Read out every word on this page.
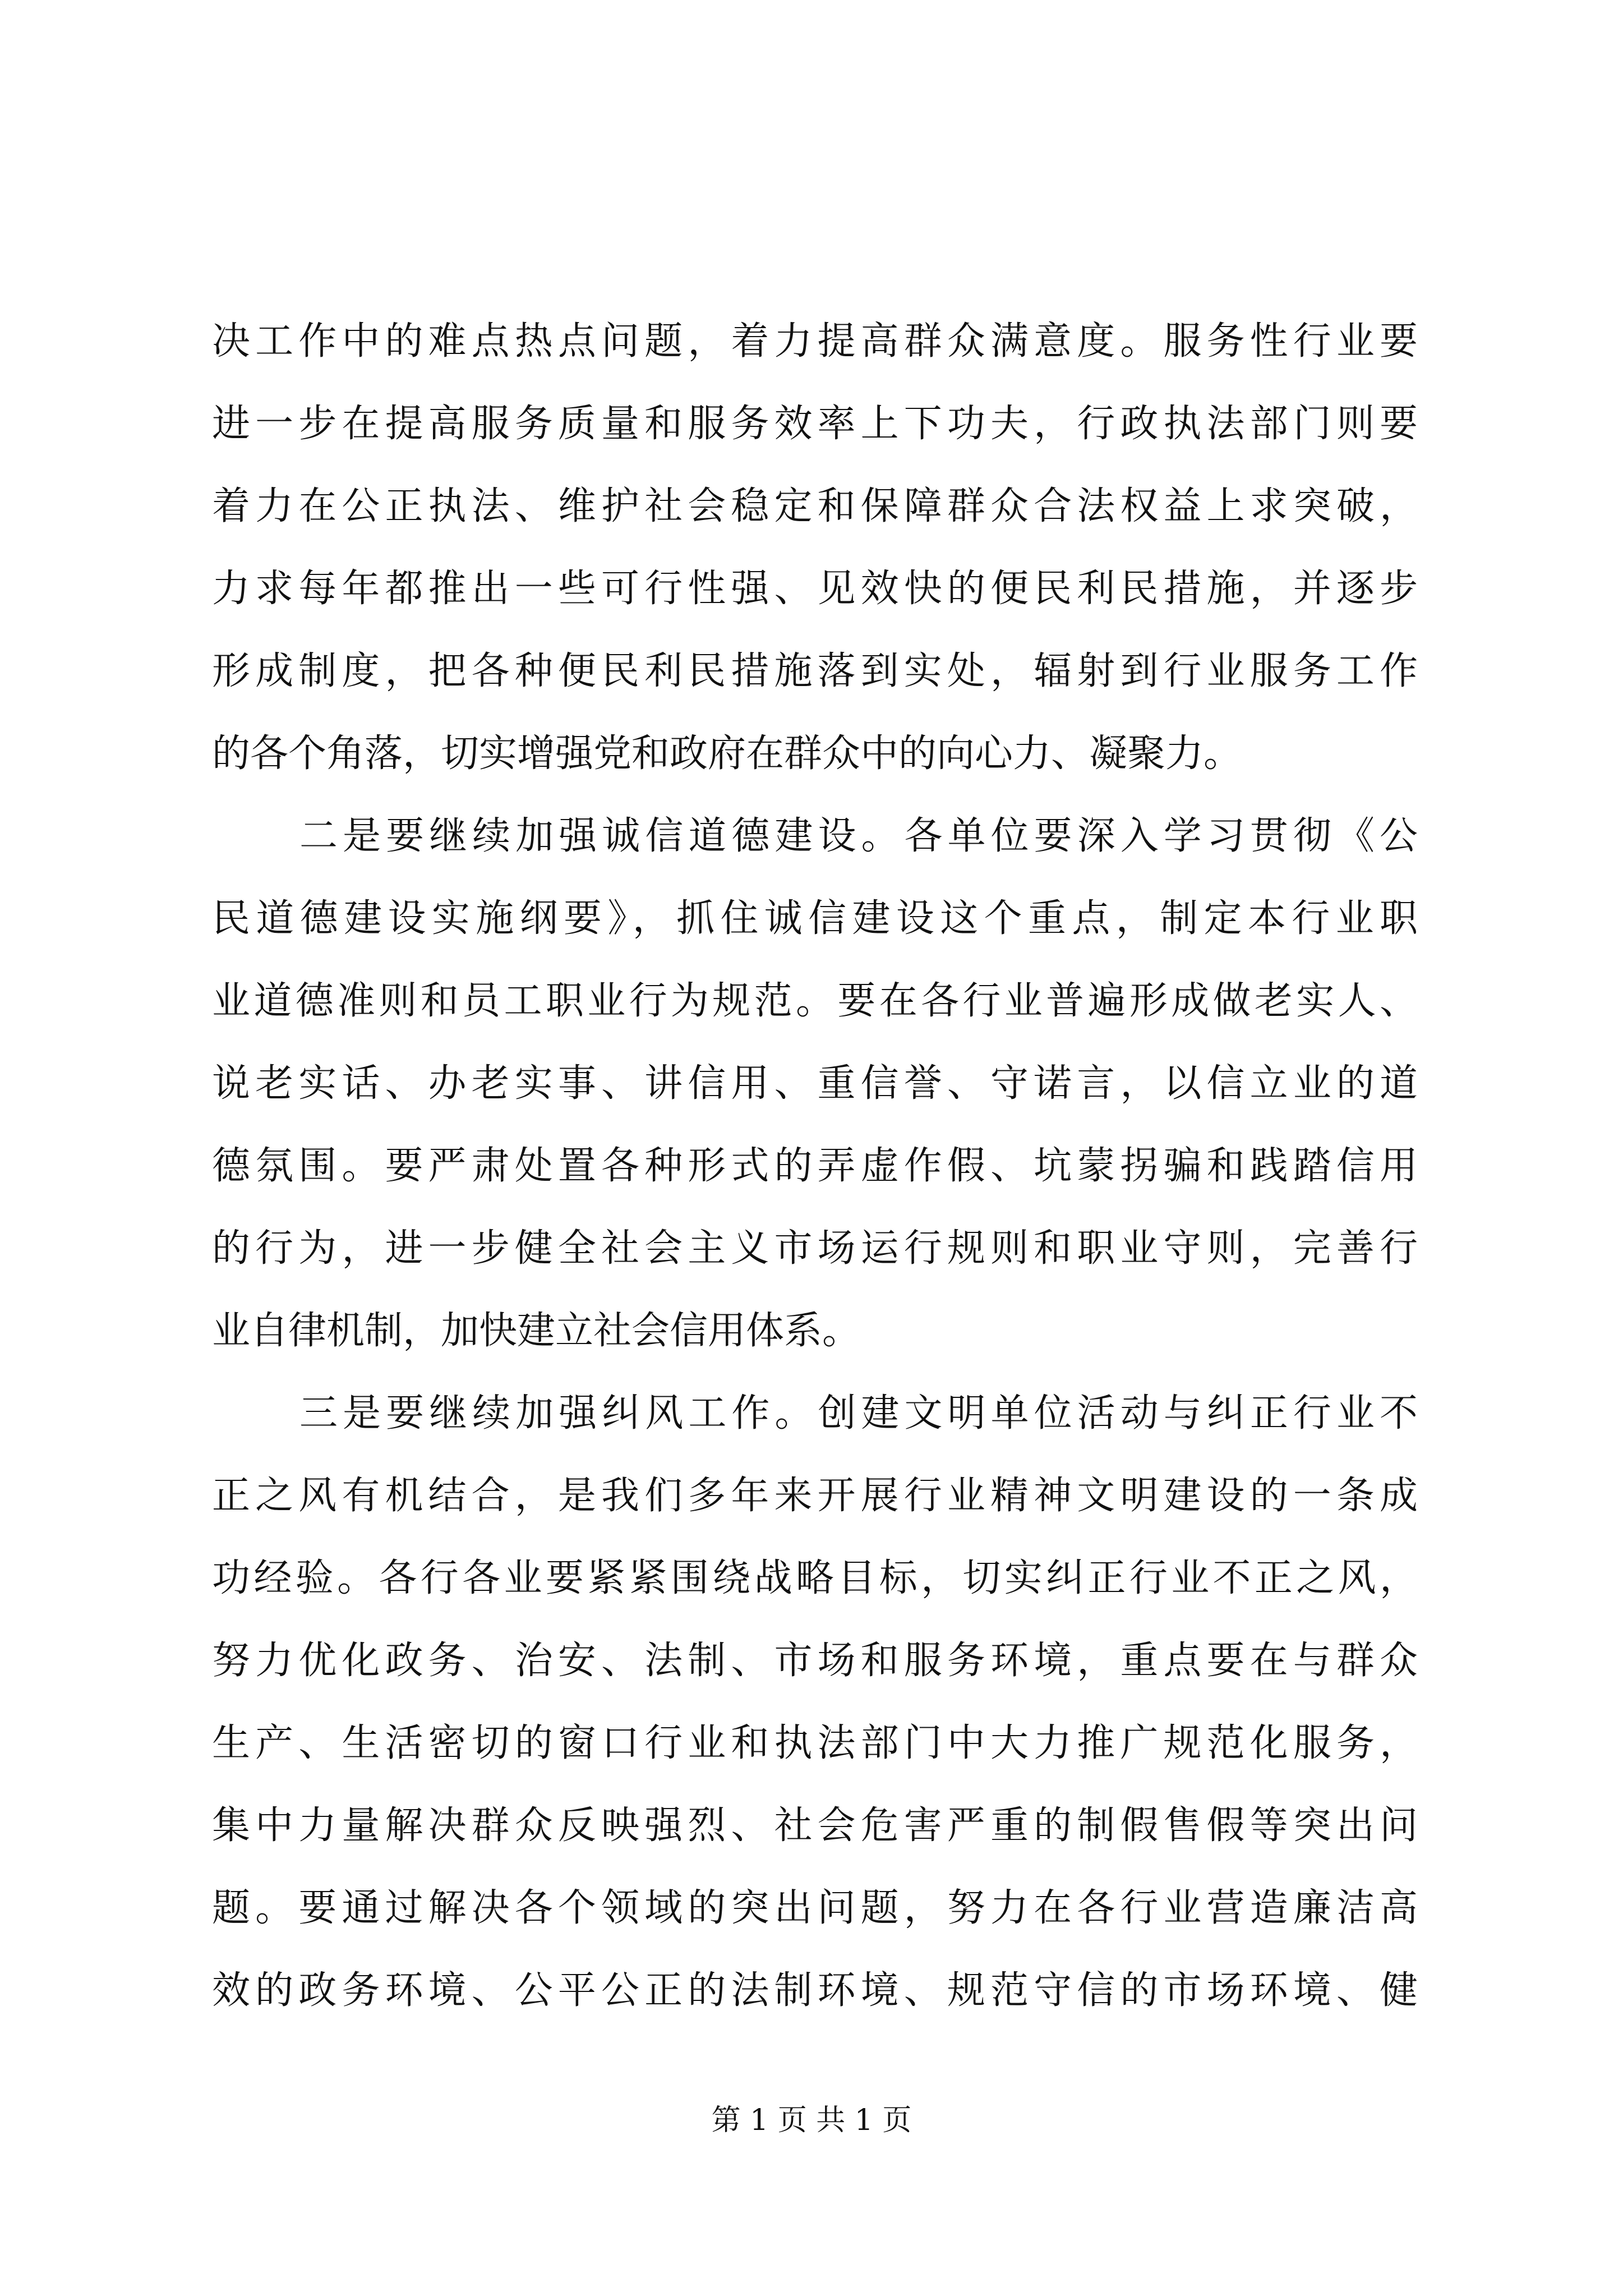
决工作中的难点热点问题，着力提高群众满意度。服务性行业要
进一步在提高服务质量和服务效率上下功夫，行政执法部门则要
着力在公正执法、维护社会稳定和保障群众合法权益上求突破，
力求每年都推出一些可行性强、见效快的便民利民措施，并逐步
形成制度，把各种便民利民措施落到实处，辐射到行业服务工作
的各个角落，切实增强党和政府在群众中的向心力、凝聚力。
二是要继续加强诚信道德建设。各单位要深入学习贯彻《公
民道德建设实施纲要》，抓住诚信建设这个重点，制定本行业职
业道德准则和员工职业行为规范。要在各行业普遍形成做老实人、
说老实话、办老实事、讲信用、重信誉、守诺言，以信立业的道
德氛围。要严肃处置各种形式的弄虚作假、坑蒙拐骗和践踏信用
的行为，进一步健全社会主义市场运行规则和职业守则，完善行
业自律机制，加快建立社会信用体系。
三是要继续加强纠风工作。创建文明单位活动与纠正行业不
正之风有机结合，是我们多年来开展行业精神文明建设的一条成
功经验。各行各业要紧紧围绕战略目标，切实纠正行业不正之风，
努力优化政务、治安、法制、市场和服务环境，重点要在与群众
生产、生活密切的窗口行业和执法部门中大力推广规范化服务，
集中力量解决群众反映强烈、社会危害严重的制假售假等突出问
题。要通过解决各个领域的突出问题，努力在各行业营造廉洁高
效的政务环境、公平公正的法制环境、规范守信的市场环境、健
第 1 页 共 1 页
